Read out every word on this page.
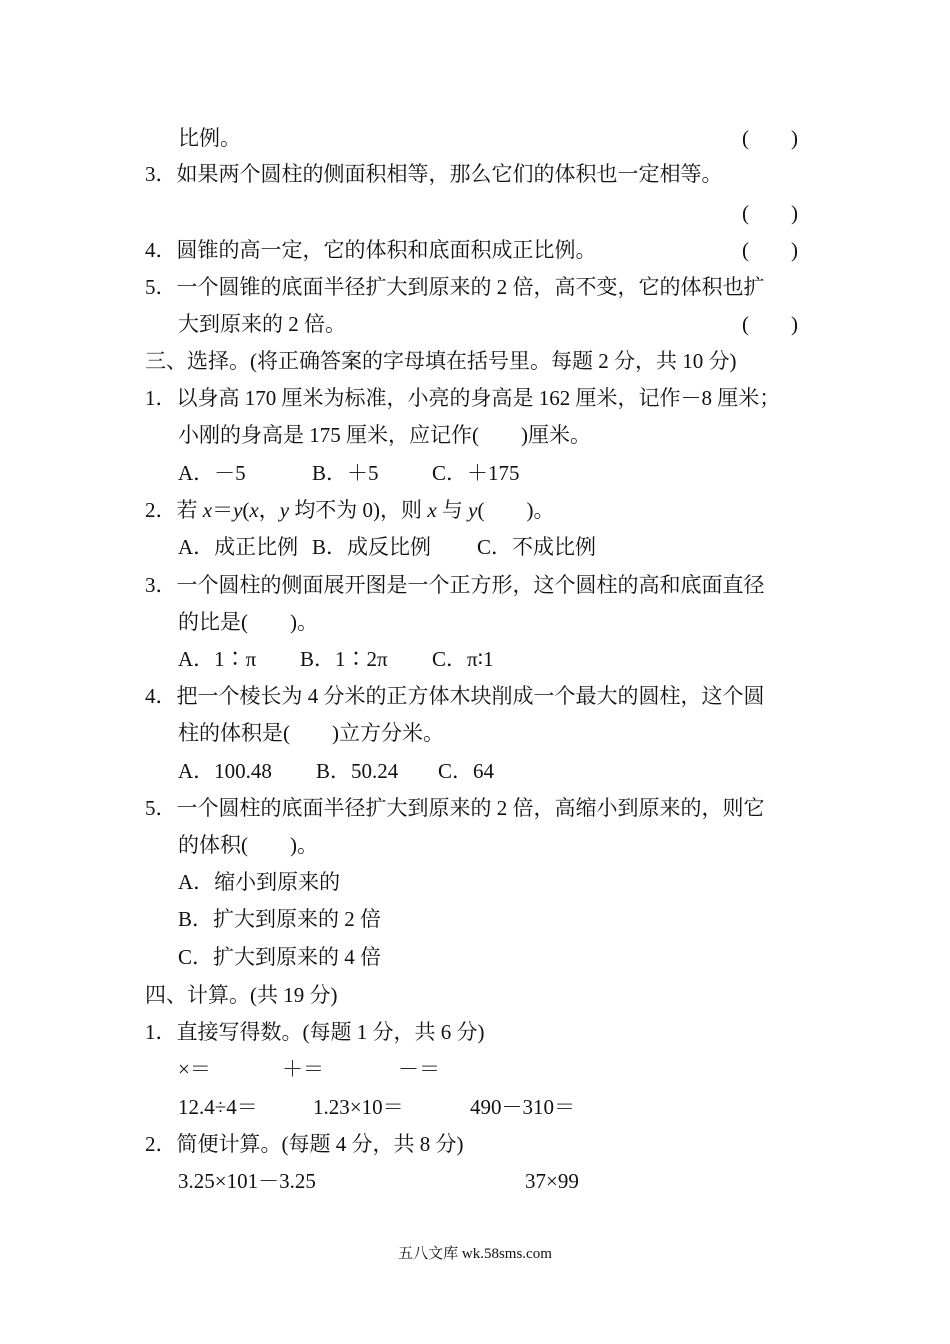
比例。	(　　)
3．如果两个圆柱的侧面积相等，那么它们的体积也一定相等。
(　　)
4．圆锥的高一定，它的体积和底面积成正比例。	(　　)
5．一个圆锥的底面半径扩大到原来的 2 倍，高不变，它的体积也扩
大到原来的 2 倍。	(　　)
三、选择。(将正确答案的字母填在括号里。每题 2 分，共 10 分)
1．以身高 170 厘米为标准，小亮的身高是 162 厘米，记作－8 厘米；
小刚的身高是 175 厘米，应记作(　　)厘米。
A．－5	B．＋5	C．＋175
2．若 x＝y(x，y 均不为 0)，则 x 与 y(　　)。
A．成正比例 B．成反比例 C．不成比例
3．一个圆柱的侧面展开图是一个正方形，这个圆柱的高和底面直径
的比是(　　)。
A．1∶π B．1∶2π C．π∶1
4．把一个棱长为 4 分米的正方体木块削成一个最大的圆柱，这个圆
柱的体积是(　　)立方分米。
A．100.48 B．50.24 C．64
5．一个圆柱的底面半径扩大到原来的 2 倍，高缩小到原来的，则它
的体积(　　)。
A．缩小到原来的
B．扩大到原来的 2 倍
C．扩大到原来的 4 倍
四、计算。(共 19 分)
1．直接写得数。(每题 1 分，共 6 分)
×＝	＋＝	－＝
12.4÷4＝	1.23×10＝	490－310＝
2．简便计算。(每题 4 分，共 8 分)
3.25×101－3.25	37×99
五八文库 wk.58sms.com
